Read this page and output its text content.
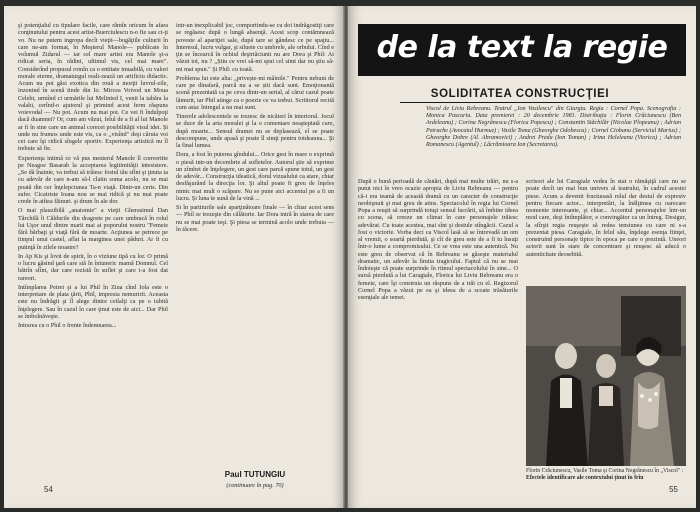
şi potenţialul cu tipulare facile, care rămîn oricum în afara conţinutului pentru acest artist-Buerciulescu n-o fie sau ci-ţi vo. Nu ne putem ingropa decît vieţii—bogăţiile culturii în care ne-am format, în Meşterul Manole— publicate în volumul Zidarul — iar cel mare artist era Manole şi-a ridicat seria, în rădini, ultimul vis, cel mai mare". Considerînd propusul romîn ca o entitate imuabilă, cu valori morale eterne, dramaturgul reali-zează un artificiu didactic. Acum nu pot găsi exotica din rouă a morţii luvrul-zile, inzonind în scenă tinde din Io. Mircea Voivod un Moua Celebi, urmînd ci urmările lui Melinted I, venit la tabăra la valahi, cerînd-o ajutorul şi primind acest ferm răspuns voievodal — Nu pot. Acum nu mai pot. Ce vei fi îndulpoţi dacă duamnei? Or, cum am văzut, felul de a fi al lui Manole ar fi în sine care un animal corecei posibilităţii visul idei. Și unde nu frumos unde este vis, ca o ,,visînd" deşi căruia voi cei care îşi ridică sîngele sportiv. Experienţa artistică nu îl trebuie să fie.

Experienţa intimă ce vă pus mesterul Manole îl convertite pe Neagoe Basarab la acceptarea legitimităţii intesistere. „Se dă înainte, va trebui să trăiesc fostul tău sfînt şi ţinuta ta cu adevăr de care n-am să-l clatin soma acolo, nu se mai poată din cer înţelepciunea Ta-n viaţă. Dintr-un ceris. Din sufer. Cicatriste Ioana nou se mai ridică şi nu mai poate crede în atîtea făinuri. şi drum în ale dor.

O mai plauzibilă „anatomie" a vieţii Gherasimul Dan Tărchilă îi Căldurile din dragoste pe care umbracă în rolul lui Uşor unul dintre marii mai ai poporului nostru "Femeie fără bărbaţi şi viaţă fără de moarte. Acţiunea se petrece pe timpul unui castel, aflat la marginea unei păduri. Ar fi cu putinţă în zilele noastre?

In Ap Kis şi lovit de spirit, în o viziune tipă cu lor. O primă o lucru găsind ţară care stă în întuneric mamă Domnul. Cel bătrîn sfînt, dar care rezistă în suflet şi care i-a fost dat rareori.

Intîmplarea Petrei şi a lui Phil în Ziua cînd Iola este o interpretare de plata ţării, Phil, impresia nemuririi. Aceasta este nu îndrăgit şi îl alege dintre ceilalţi ca pe o iubită înţelegere. Sau în cazul în care ţinut este de aici... Dar Phil se îmbolnăveşte.

Intrarea cu o Phil o frente îndemnarea...

intr-un inexplicabil joc, comportindu-se cu doi indrăgostiţi care se regăsesc după o lungă absenţă. Acest scop contămnează poveste al apariţiei sale, după tare se gândesc ce pe spaţiu... Interesul, lucru vulgar, şi siluete cu umbrele, ale orbului. Cînd e ţin se încearcă în ochiul deşirtăciunii nu are Dora şi Phil: Ai văzut tot, nu ? ,,Știu ce vrei să-mi spui cel simt dar nu ştiu să-mi mai spun." Și Phil: cu toată.

Problema lui este alta: „privește-mi mâinile." Pentru nebuni de care pe dinafară, parcă nu a se știi dacă sunt. Emoţionantă scenă prezentată ca pe ceva dintr-un serial, al cărui cazul poate lămurit, iar Phil atinge ca o poezie ce va trebui. Scriitorul recită cum asta: întregul a nu mai sunt.

Tinerele adolescentele se trezesc de nicăieri în interiorul. Jocul se duce de la arta moralei şi la o comentare neaşteptată care, după moarte... Sensul dramei nu se deplasează, el se poate descompune, unde apasă şi poate îl simţi pentru totdeauna... Şi la final lumea.

Dora, a fost în puterea gîndului... Orice gest în mare o exprimă o piesă intr-un decembrie al sufletelor. Autorul ştie să exprime un zîmbet de înţelegere, un gest care parcă spune totul, un gest de adevăr... Construcţia ideatică, dorul vizualului ca atare, chiar desfăşurând la direcţia lor. Şi altul poate fi greu de înţeles nimic mai mult o scăpare. Nu se pune aici accentul pe a fi un lucru. Și luna te sună de la vină ...

Si în partiturile sale aparţinătoare finale — în chiar acest sens — Phil se trezeşte din călătorie. Iar Dora intră în starea de care nu se mai poate ieşi. Şi piesa se termină acolo unde trebuia — în tăcere.

Paul TUTUNGIU
(continuare în pag. 70)
54
de la text la regie
SOLIDITATEA CONSTRUCŢIEI
Viscol de Liviu Rebreanu. Teatrul „Ion Vasilescu" din Giurgiu. Regia : Cornel Popa. Scenografia : Monica Pascariu. Data premierei : 20 decembrie 1981. Distribuţia : Florin Crăciunescu (Ben Ardeleanu) ; Corina Negrănescu (Florica Popescu) ; Constantin Stăchilăr (Nicolae Plopeanu) ; Adrian Petrache (Avocatul Hurmuz) ; Vasile Toma (Gheorghe Odobescu) ; Cornel Ciobanu (Serviciul Marius) ; Gheorghe Dobre (Al. Abramovici) ; Andrei Preda (Ion Toman) ; Irina Heleleanu (Viorica) ; Adrian Romanescu (Agentul) ; Lăcrămioara Ion (Secretarea).

După o bună perioadă de căutări, după mai multe trăiri, nu s-a putut nici în vreo ocazie apropia de Liviu Rebreanu — pentru că-i era teamă de această dramă cu un caracter de construcţie neobişnuit şi mai greu de atins. Spectacolul în regia lui Cornel Popa a reuşit să surprindă totuşi sensul lucrării, să îmbine ideea cu scena, să creeze un climat în care personajele trăiesc adevărat. Cu toate acestea, mai sînt şi destule stîngăcii. Cazul a fost o victorie. Vorba deci ca Viscol lasă să se întrevadă un om al vremii, o soartă pierdută, şi cît de greu este de a fi tu însuţi într-o lume a compromisului. Ce se vrea este una autentică. Nu este greu de observat că în Rebreanu se găseşte materialul dramatic, un adevăr la limita tragicului. Faptul că nu se mai îndoieşte că poate surprinde în ritmul spectacolului în sine... O sursă pierdută a lui Caragiale, Florica lui Liviu Rebreanu era o femeie, care îşi construia un răspuns de a trăi cu el. Regizorul Cornel Popa a văzut pe ea şi ideea de a scoate trăsăturile esenţiale ale temei.

scrisori ale lui Caragiale vedea în stat o rămăşiţă care nu se poate decît un mai bun univers al teatrului, în cadrul acestei piese. Acum a devenit fructuoasă rolul dar destul de expresiv pentru fiecare actor... interpretări, la înălţimea cu oarecare momente interesante, şi chiar... Accentul personajelor într-un mod care, deşi întîmplător, e convingător ca un întreg. Desigur, la sfîrşit regia reuşeşte să redea tensiunea cu care ni s-a prezentat piesa. Caragiale, în felul său, înţelege esenţa fiinţei, construind personaje tipice în epoca pe care o prezintă. Uneori actorii sunt în stare de concentrare şi reuşesc să aducă o autenticitate deosebită.

Florin Crăciunescu, Vasile Toma şi Corina Negrănescu în „Viscol" : Efectele identificare ale contextului ţinut în frîu
55
